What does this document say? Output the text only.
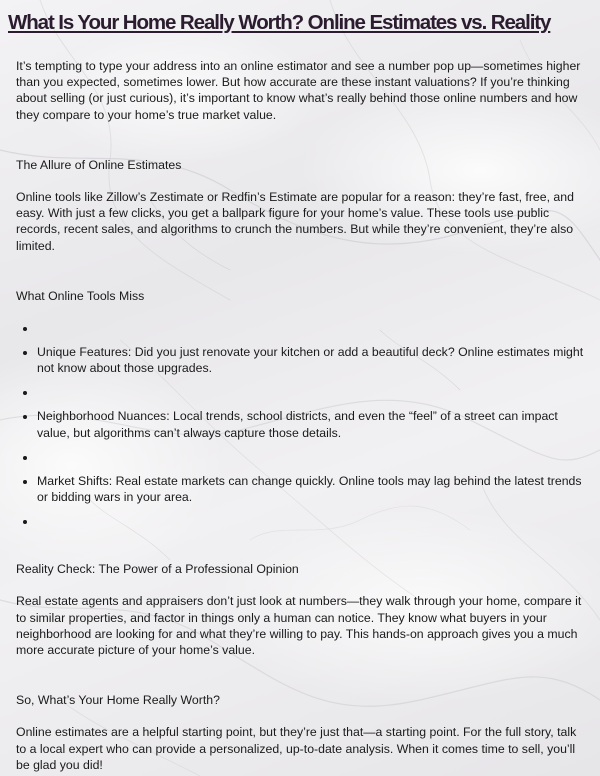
What Is Your Home Really Worth? Online Estimates vs. Reality

It’s tempting to type your address into an online estimator and see a number pop up—sometimes higher than you expected, sometimes lower. But how accurate are these instant valuations? If you’re thinking about selling (or just curious), it’s important to know what’s really behind those online numbers and how they compare to your home’s true market value.

The Allure of Online Estimates

Online tools like Zillow’s Zestimate or Redfin’s Estimate are popular for a reason: they’re fast, free, and easy. With just a few clicks, you get a ballpark figure for your home’s value. These tools use public records, recent sales, and algorithms to crunch the numbers. But while they’re convenient, they’re also limited.

What Online Tools Miss

•
• Unique Features: Did you just renovate your kitchen or add a beautiful deck? Online estimates might not know about those upgrades.
•
• Neighborhood Nuances: Local trends, school districts, and even the “feel” of a street can impact value, but algorithms can’t always capture those details.
•
• Market Shifts: Real estate markets can change quickly. Online tools may lag behind the latest trends or bidding wars in your area.
•

Reality Check: The Power of a Professional Opinion

Real estate agents and appraisers don’t just look at numbers—they walk through your home, compare it to similar properties, and factor in things only a human can notice. They know what buyers in your neighborhood are looking for and what they’re willing to pay. This hands-on approach gives you a much more accurate picture of your home’s value.

So, What’s Your Home Really Worth?

Online estimates are a helpful starting point, but they’re just that—a starting point. For the full story, talk to a local expert who can provide a personalized, up-to-date analysis. When it comes time to sell, you’ll be glad you did!
